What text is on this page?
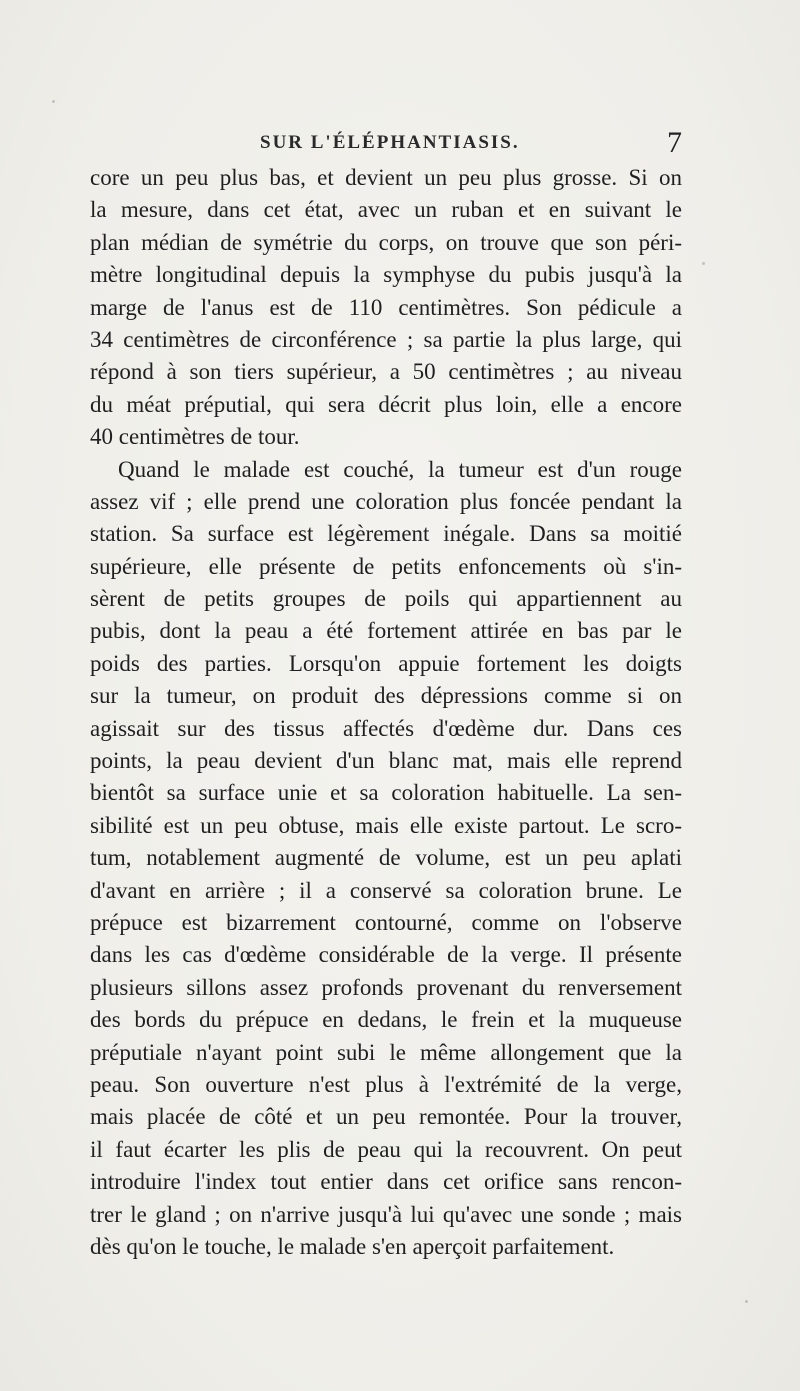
SUR L'ÉLÉPHANTIASIS.	7
core un peu plus bas, et devient un peu plus grosse. Si on
la mesure, dans cet état, avec un ruban et en suivant le
plan médian de symétrie du corps, on trouve que son péri-
mètre longitudinal depuis la symphyse du pubis jusqu'à la
marge de l'anus est de 110 centimètres. Son pédicule a
34 centimètres de circonférence ; sa partie la plus large, qui
répond à son tiers supérieur, a 50 centimètres ; au niveau
du méat préputial, qui sera décrit plus loin, elle a encore
40 centimètres de tour.
Quand le malade est couché, la tumeur est d'un rouge
assez vif ; elle prend une coloration plus foncée pendant la
station. Sa surface est légèrement inégale. Dans sa moitié
supérieure, elle présente de petits enfoncements où s'in-
sèrent de petits groupes de poils qui appartiennent au
pubis, dont la peau a été fortement attirée en bas par le
poids des parties. Lorsqu'on appuie fortement les doigts
sur la tumeur, on produit des dépressions comme si on
agissait sur des tissus affectés d'œdème dur. Dans ces
points, la peau devient d'un blanc mat, mais elle reprend
bientôt sa surface unie et sa coloration habituelle. La sen-
sibilité est un peu obtuse, mais elle existe partout. Le scro-
tum, notablement augmenté de volume, est un peu aplati
d'avant en arrière ; il a conservé sa coloration brune. Le
prépuce est bizarrement contourné, comme on l'observe
dans les cas d'œdème considérable de la verge. Il présente
plusieurs sillons assez profonds provenant du renversement
des bords du prépuce en dedans, le frein et la muqueuse
préputiale n'ayant point subi le même allongement que la
peau. Son ouverture n'est plus à l'extrémité de la verge,
mais placée de côté et un peu remontée. Pour la trouver,
il faut écarter les plis de peau qui la recouvrent. On peut
introduire l'index tout entier dans cet orifice sans rencon-
trer le gland ; on n'arrive jusqu'à lui qu'avec une sonde ; mais
dès qu'on le touche, le malade s'en aperçoit parfaitement.
